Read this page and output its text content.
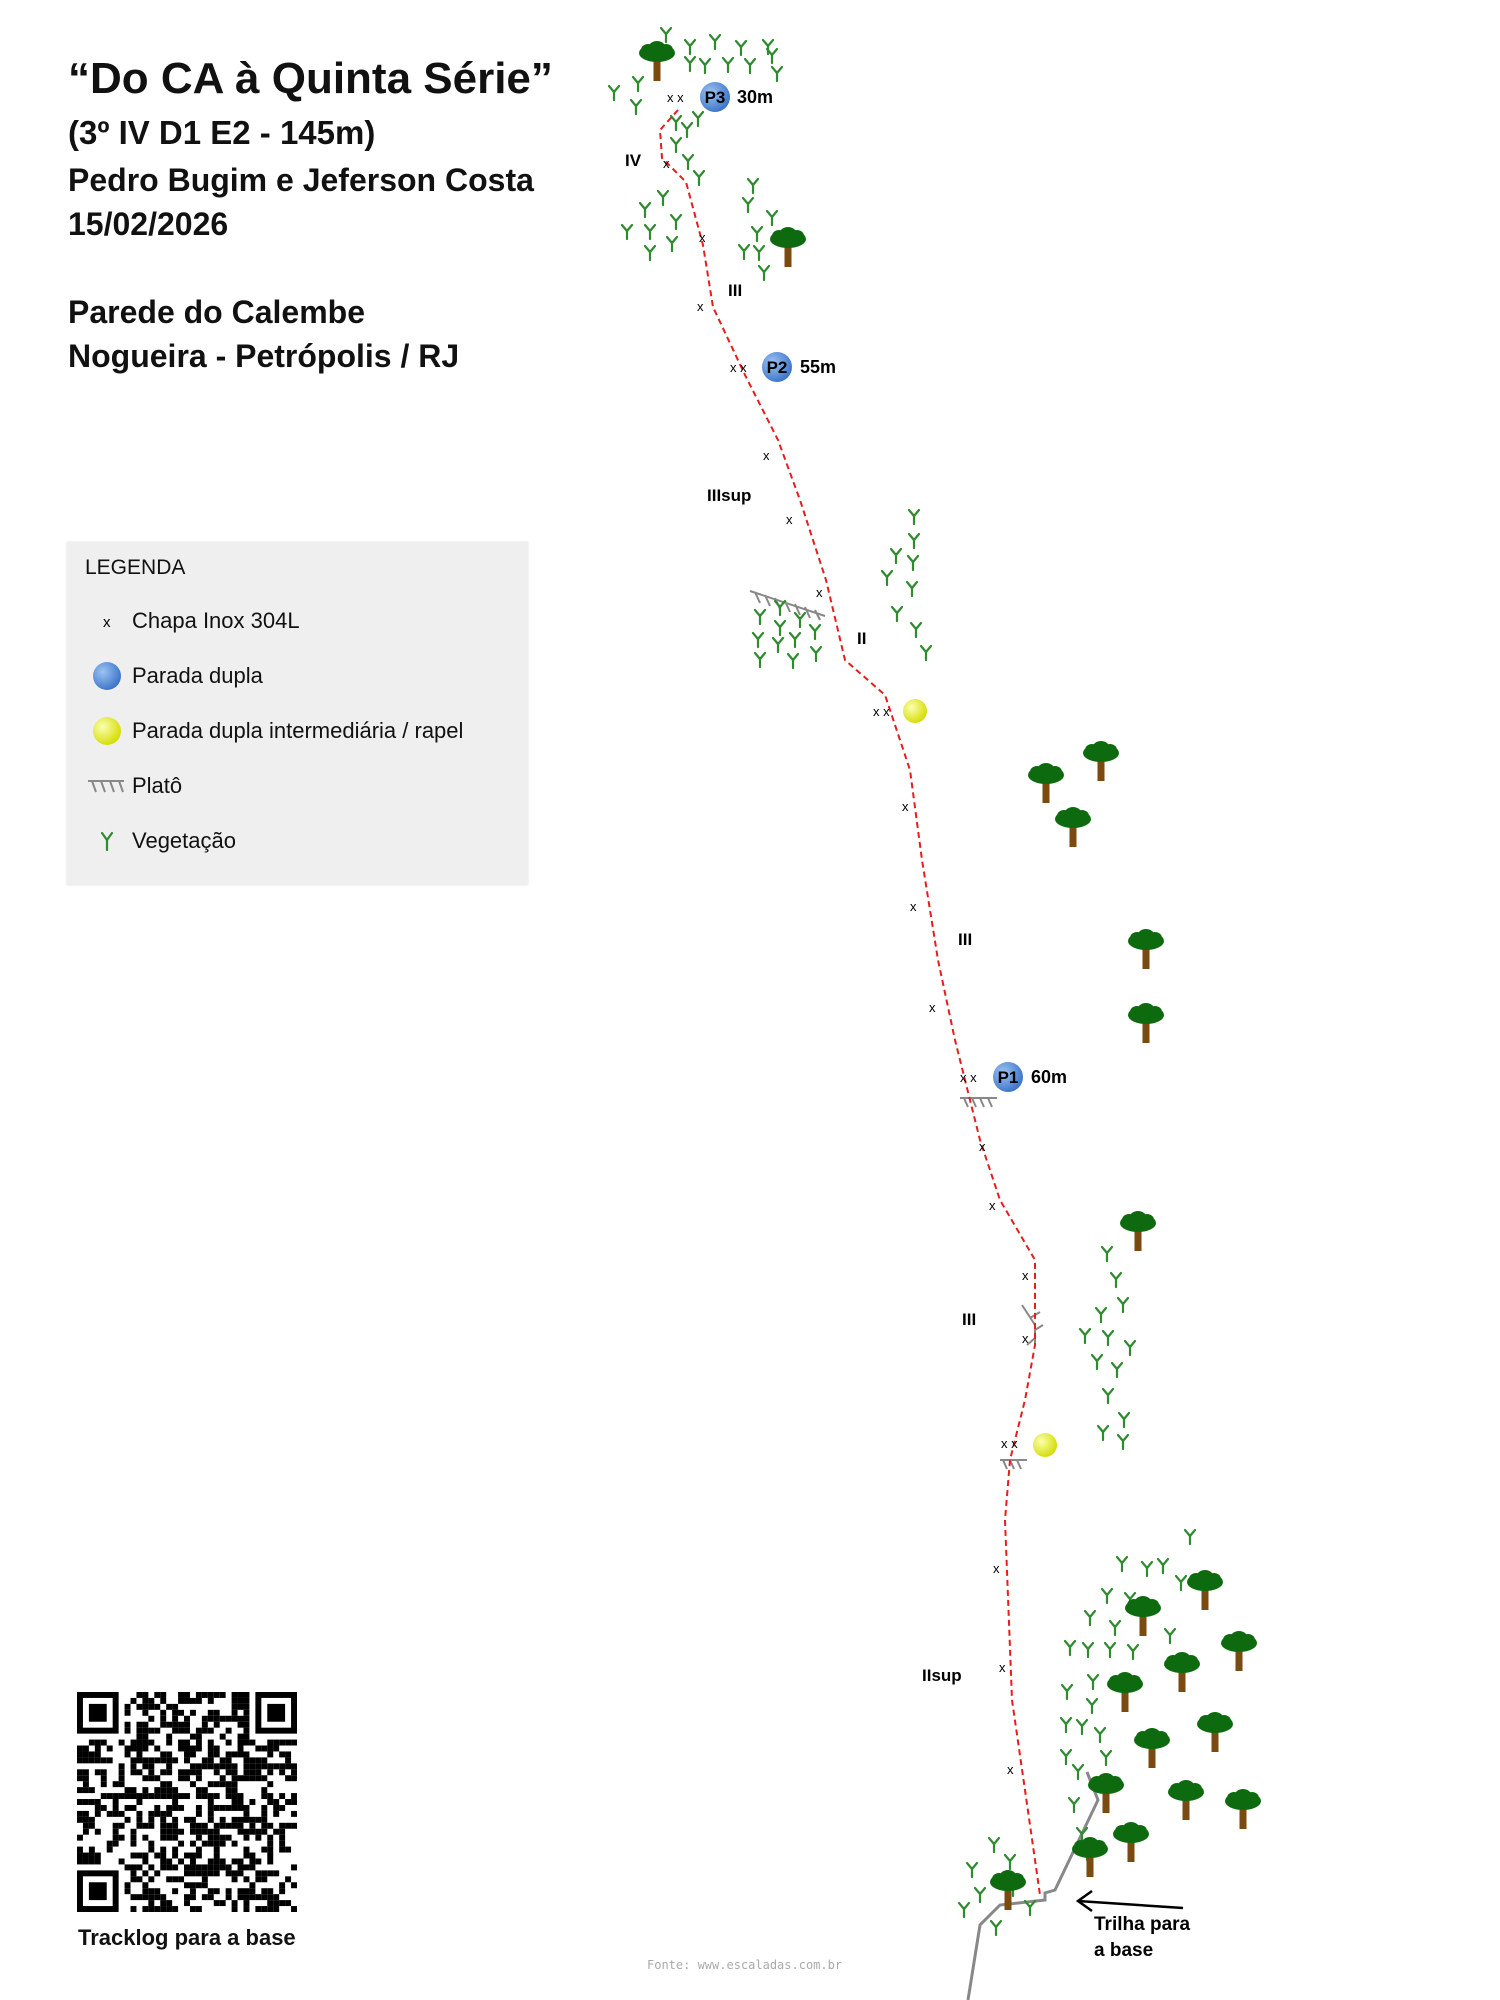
“Do CA à Quinta Série”
(3º IV D1 E2 - 145m)
Pedro Bugim e Jeferson Costa
15/02/2026
Parede do Calembe
Nogueira - Petrópolis / RJ
LEGENDA
x Chapa Inox 304L
Parada dupla
Parada dupla intermediária / rapel
Platô
Vegetação
Tracklog para a base
Fonte: www.escaladas.com.br
Trilha para
a base
x
x
x
x
x
x
x
x
x
x
x
x
x
x
x
x
x x
x x
x x
x x
x x
P3 30m
P2 55m
P1 60m
IV
III
IIIsup
II
III
III
IIsup
